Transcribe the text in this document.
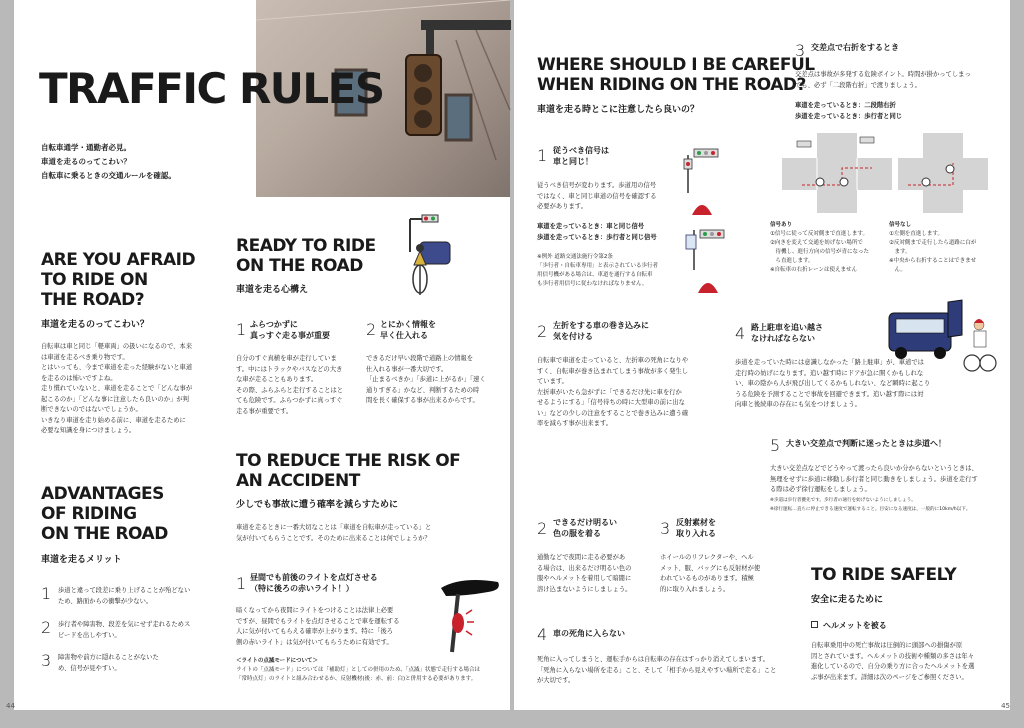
TRAFFIC RULES
自転車通学・通勤者必見。
車道を走るのってこわい？
自転車に乗るときの交通ルールを確認。
ARE YOU AFRAID
TO RIDE ON
THE ROAD?
車道を走るのってこわい？
自転車は車と同じ「軽車両」の扱いになるので、本来
は車道を走るべき乗り物です。
とはいっても、今まで車道を走った経験がないと車道
を走るのは怖いですよね。
走り慣れていないと、車道を走ることで「どんな事が
起こるのか」「どんな事に注意したら良いのか」が判
断できないのではないでしょうか。
いきなり車道を走り始める前に、車道を走るために
必要な知識を身につけましょう。
ADVANTAGES
OF RIDING
ON THE ROAD
車道を走るメリット
1 歩道と違って段差に乗り上げることが殆どない
ため、路面からの衝撃が少ない。
2 歩行者や障害物、段差を気にせず走れるためス
ピードを出しやすい。
3 障害物や前方に隠れることがないた
め、信号が見やすい。
READY TO RIDE
ON THE ROAD
車道を走る心構え
1 ふらつかずに
真っすぐ走る事が重要
自分のすぐ真横を車が走行していま
す。中にはトラックやバスなどの大き
な車が走ることもあります。
その際、ふらふらと走行することはと
ても危険です。ふらつかずに真っすぐ
走る事が重要です。
2 とにかく情報を
早く仕入れる
できるだけ早い段階で道路上の情報を
仕入れる事が一番大切です。
「止まるべきか」「歩道に上がるか」「速く
通りすぎる」かなど、判断するための時
間を長く確保する事が出来るからです。
TO REDUCE THE RISK OF
AN ACCIDENT
少しでも事故に遭う確率を減らすために
車道を走るときに一番大切なことは「車道を自転車が走っている」と
気が付いてもらうことです。そのために出来ることは何でしょうか？
1 昼間でも前後のライトを点灯させる
（特に後ろの赤いライト！）
暗くなってから夜間にライトをつけることは法律上必要
ですが、昼間でもライトを点灯させることで車を運転する
人に気が付いてもらえる確率が上がります。特に「後ろ
側の赤いライト」は気が付いてもらうために有効です。
＜ライトの点滅モードについて＞
ライトの「点滅モード」については「補助灯」としての併用のため、「点滅」状態で走行する場合は
「常時点灯」のライトと組み合わせるか、反射機材(後：赤、前：白)と併用する必要があります。
44
WHERE SHOULD I BE CAREFUL
WHEN RIDING ON THE ROAD?
車道を走る時とこに注意したら良いの？
1 従うべき信号は
車と同じ！
従うべき信号が変わります。歩道用の信号
ではなく、車と同じ車道の信号を確認する
必要があります。
車道を走っているとき：車と同じ信号
歩道を走っているとき：歩行者と同じ信号
※例外 道路交通法施行令第2条
「歩行者・自転車専用」と表示されている歩行者
用信号機がある場合は、車道を通行する自転車
も歩行者用信号に従わなければなりません。
3 交差点で右折をするとき
交差点は事故が多発する危険ポイント。時間が掛かってしまっ
ても、必ず「二段階右折」で渡りましょう。
車道を走っているとき：二段階右折
歩道を走っているとき：歩行者と同じ
信号あり
①信号に従って反対側まで直進します。
②向きを変えて交通を妨げない場所で
　待機し、進行方向の信号が青になった
　ら直進します。
※自転車の右折レーンは使えません
信号なし
①左側を直進します。
②反対側まで走行したら道路に白が
　ます。
※中央から右折することはできませ
　ん。
2 左折をする車の巻き込みに
気を付ける
自転車で車道を走っていると、左折車の死角になりや
すく、自転車が巻き込まれてしまう事故が多く発生し
ています。
左折車がいたら急がずに「できるだけ先に車を行か
せるようにする」「信号待ちの時に大型車の前に出な
い」などの少しの注意をすることで巻き込みに遭う確
率を減らす事が出来ます。
4 路上駐車を追い越さ
なければならない
歩道を走っていた時には意識しなかった「路上駐車」が、車道では
走行時の妨げになります。追い越す時にドアが急に開くかもしれな
い、車の陰から人が飛び出してくるかもしれない、など瞬時に起こり
うる危険を予測することで事故を回避できます。追い越す際には対
向車と後続車の存在にも気をつけましょう。
5 大きい交差点で判断に迷ったときは歩道へ！
大きい交差点などでどうやって渡ったら良いか分からないというときは、
無理をせずに歩道に移動し歩行者と同じ動きをしましょう。歩道を走行す
る際は必ず徐行運転をしましょう。
※歩道は歩行者優先です。歩行者の通行を妨げないようにしましょう。
※徐行運転…直ちに停止できる速度で運転すること。目安になる速度は、一般的に10km/h以下。
2 できるだけ明るい
色の服を着る
通勤などで夜間に走る必要があ
る場合は、出来るだけ明るい色の
服やヘルメットを着用して暗闇に
溶け込まないようにしましょう。
3 反射素材を
取り入れる
ホイールのリフレクターや、ヘル
メット、服、バッグにも反射材が使
われているものがあります。積極
的に取り入れましょう。
4 車の死角に入らない
死角に入ってしまうと、運転手からは自転車の存在はすっかり消えてしまいます。
「死角に入らない場所を走る」こと、そして「相手から見えやすい場所で走る」こと
が大切です。
TO RIDE SAFELY
安全に走るために
ヘルメットを被る
自転車乗用中の死亡事故は圧倒的に頭部への損傷が原
因とされています。ヘルメットの技術や種類の多さは年々
進化しているので、自分の乗り方に合ったヘルメットを選
ぶ事が出来ます。詳細は次のページをご参照ください。
45
